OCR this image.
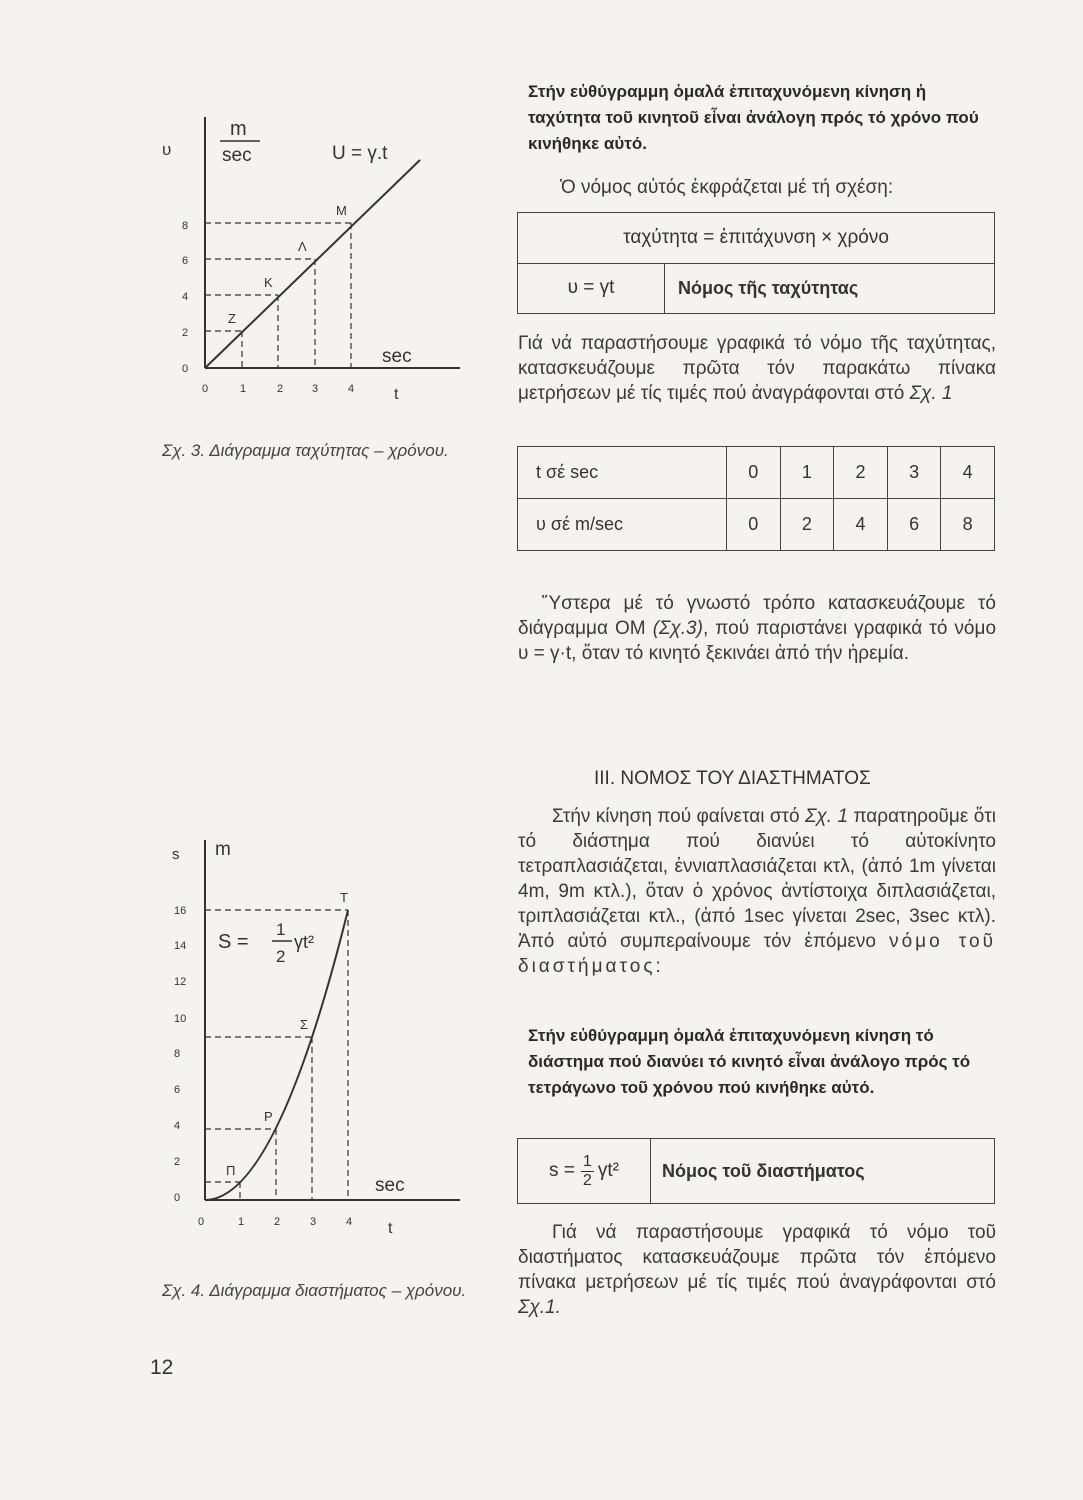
m
sec
υ	U = γ.t
8
6
4
2
0
0	1	2	3	4
sec
t
Z
K
Λ
M
Σχ. 3. Διάγραμμα ταχύτητας – χρόνου.
m
s
S =
1
2
γt²
16
14
12
10
8
6
4
2
0
0	1	2	3	4
sec
t
Π
P
Σ
T
Σχ. 4. Διάγραμμα διαστήματος – χρόνου.
12
Στήν εὐθύγραμμη ὁμαλά ἐπιταχυνόμενη κίνηση ἡ ταχύτητα τοῦ κινητοῦ εἶναι ἀνάλογη πρός τό χρόνο πού κινήθηκε αὐτό.
Ὁ νόμος αὐτός ἐκφράζεται μέ τή σχέση:
ταχύτητα = ἐπιτάχυνση × χρόνο
υ = γt	Νόμος τῆς ταχύτητας
Γιά νά παραστήσουμε γραφικά τό νόμο τῆς ταχύτητας, κατασκευάζουμε πρῶτα τόν παρακάτω πίνακα μετρήσεων μέ τίς τιμές πού ἀναγράφονται στό Σχ. 1
t σέ sec	0	1	2	3	4
υ σέ m/sec	0	2	4	6	8
Ὕστερα μέ τό γνωστό τρόπο κατασκευάζουμε τό διάγραμμα ΟΜ (Σχ.3), πού παριστάνει γραφικά τό νόμο υ = γ·t, ὅταν τό κινητό ξεκινάει ἀπό τήν ἠρεμία.
III. ΝΟΜΟΣ ΤΟΥ ΔΙΑΣΤΗΜΑΤΟΣ
Στήν κίνηση πού φαίνεται στό Σχ. 1 παρατηροῦμε ὅτι τό διάστημα πού διανύει τό αὐτοκίνητο τετραπλασιάζεται, ἐννιαπλασιάζεται κτλ, (ἀπό 1m γίνεται 4m, 9m κτλ.), ὅταν ὁ χρόνος ἀντίστοιχα διπλασιάζεται, τριπλασιάζεται κτλ., (ἀπό 1sec γίνεται 2sec, 3sec κτλ). Ἀπό αὐτό συμπεραίνουμε τόν ἑπόμενο νόμο τοῦ διαστήματος:
Στήν εὐθύγραμμη ὁμαλά ἐπιταχυνόμενη κίνηση τό διάστημα πού διανύει τό κινητό εἶναι ἀνάλογο πρός τό τετράγωνο τοῦ χρόνου πού κινήθηκε αὐτό.
$s = \frac{1}{2} \gamma t^2$ Νόμος τοῦ διαστήματος
Γιά νά παραστήσουμε γραφικά τό νόμο τοῦ διαστήματος κατασκευάζουμε πρῶτα τόν ἑπόμενο πίνακα μετρήσεων μέ τίς τιμές πού ἀναγράφονται στό Σχ.1.
